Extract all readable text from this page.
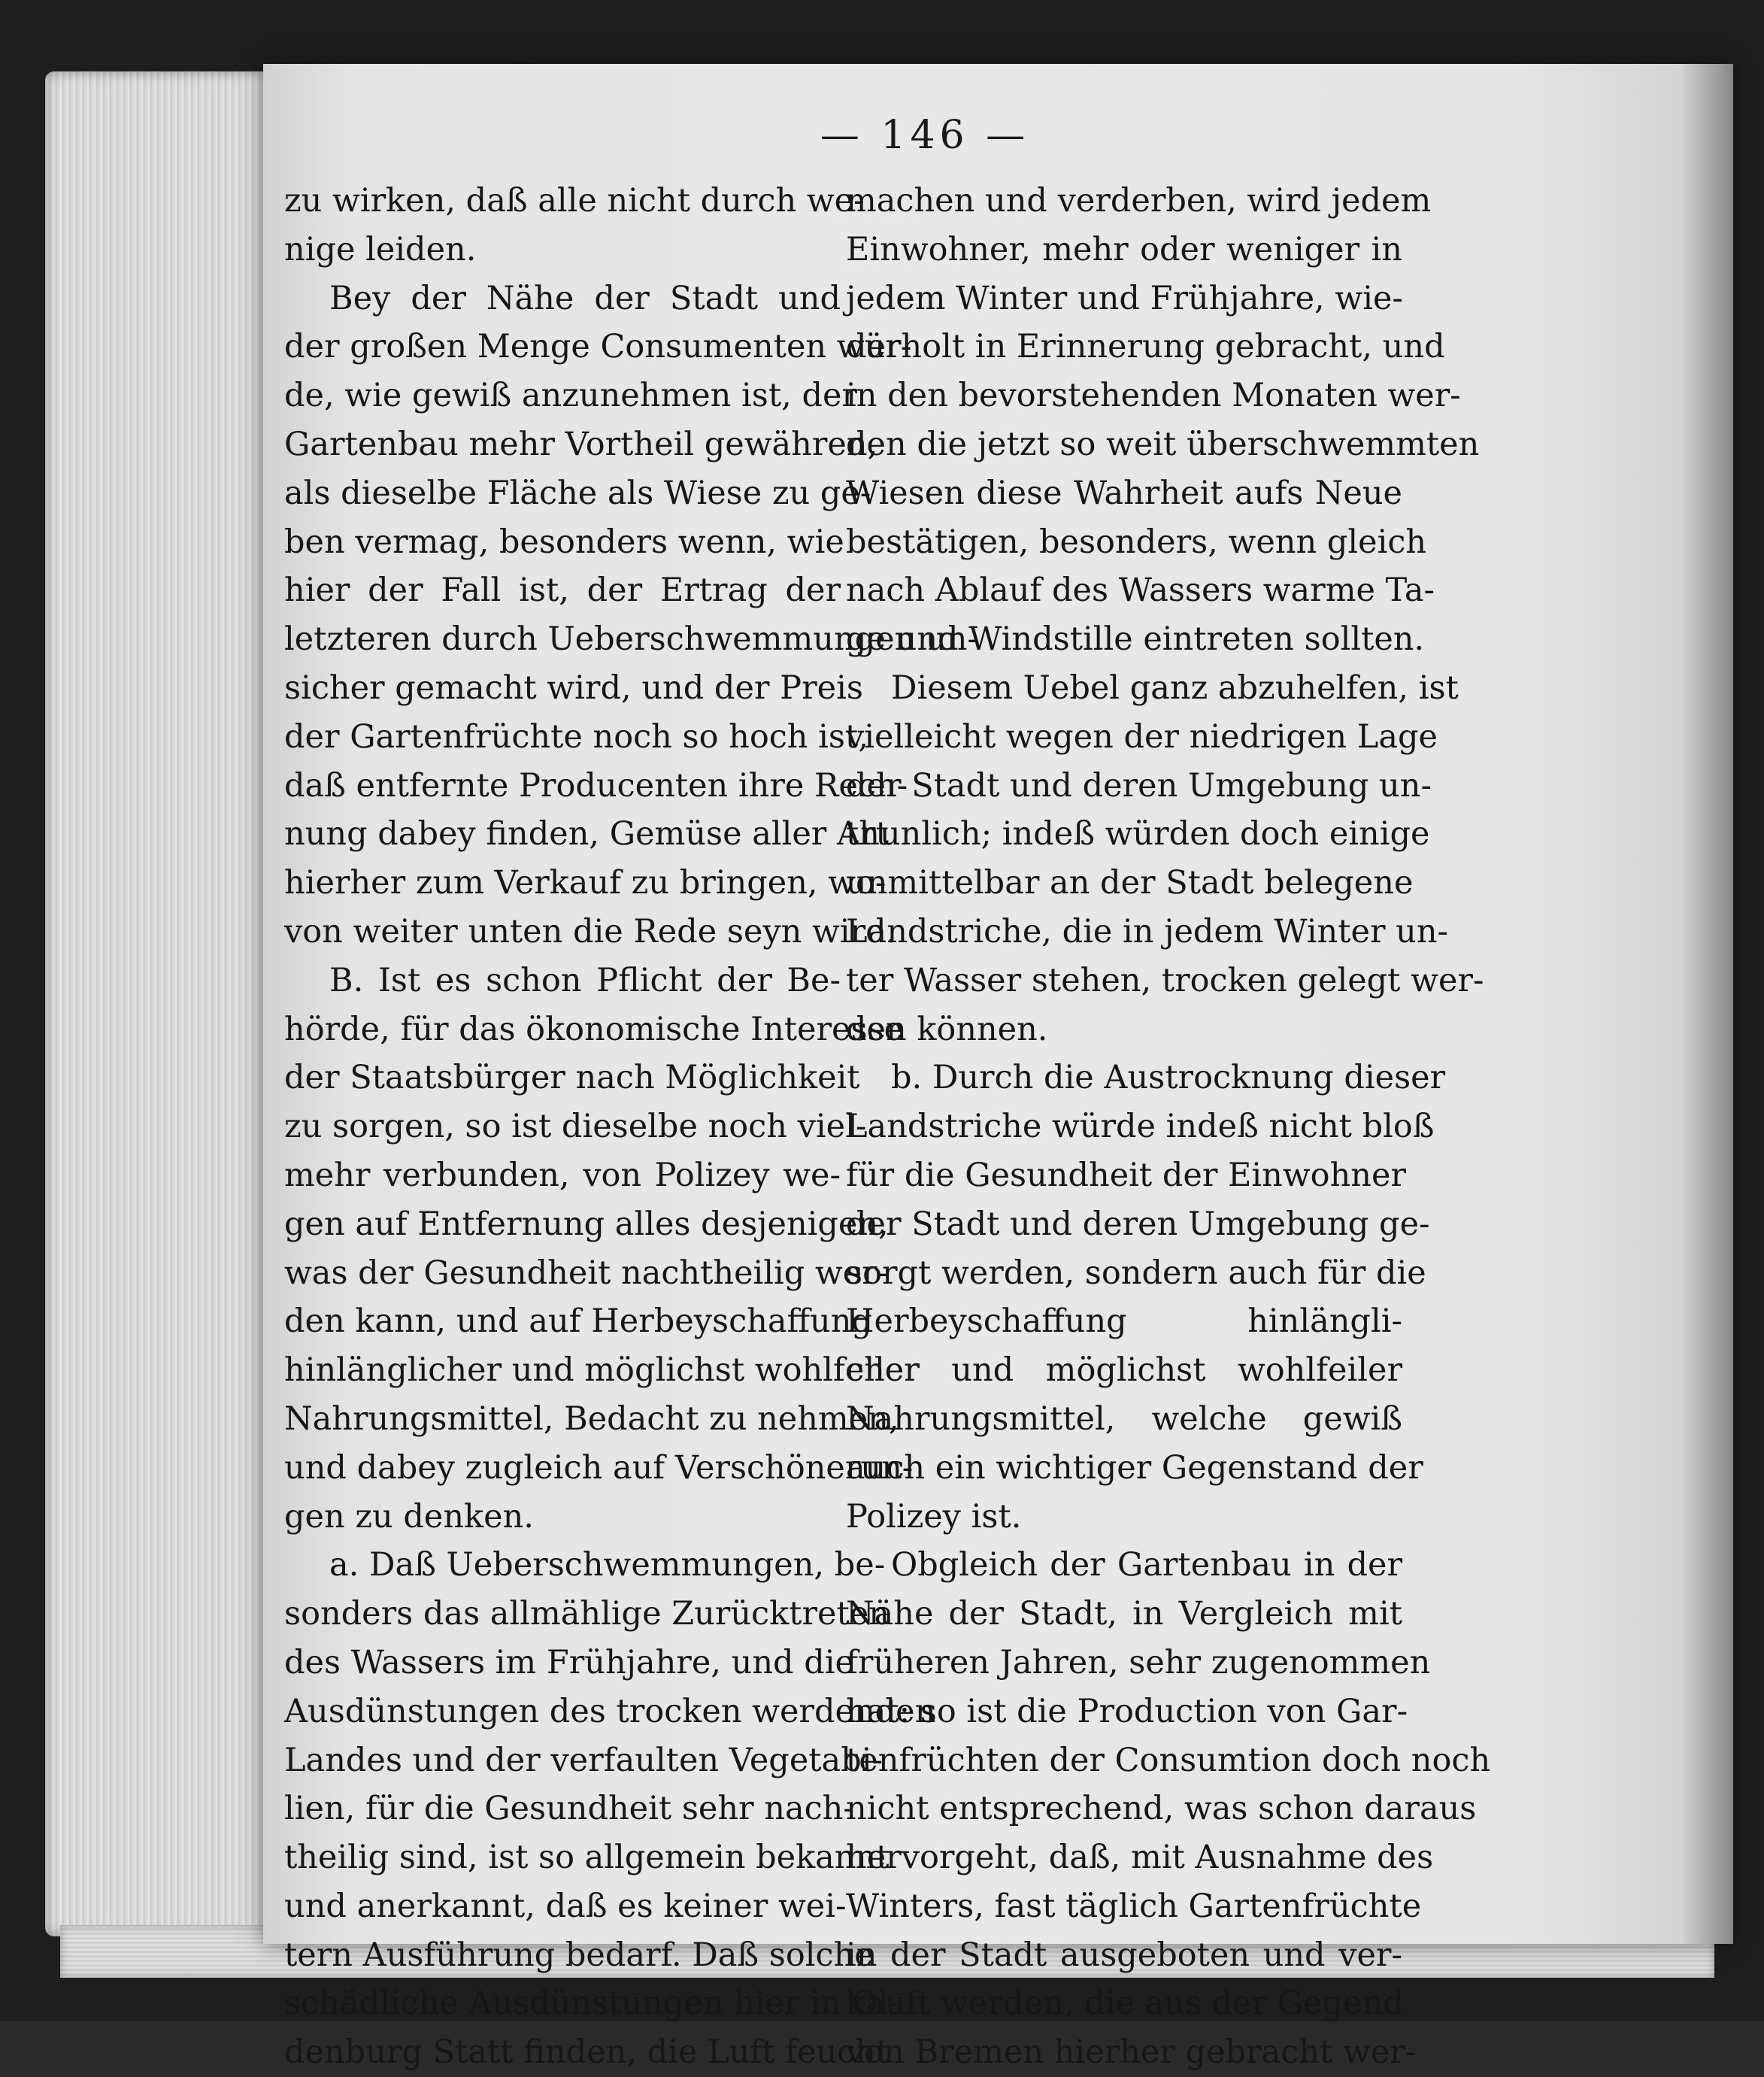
— 146 —
zu wirken, daß alle nicht durch we-
nige leiden.
Bey der Nähe der Stadt und
der großen Menge Consumenten wür-
de, wie gewiß anzunehmen ist, der
Gartenbau mehr Vortheil gewähren,
als dieselbe Fläche als Wiese zu ge-
ben vermag, besonders wenn, wie
hier der Fall ist, der Ertrag der
letzteren durch Ueberschwemmungen un-
sicher gemacht wird, und der Preis
der Gartenfrüchte noch so hoch ist,
daß entfernte Producenten ihre Rech-
nung dabey finden, Gemüse aller Art
hierher zum Verkauf zu bringen, wo-
von weiter unten die Rede seyn wird.
B. Ist es schon Pflicht der Be-
hörde, für das ökonomische Interesse
der Staatsbürger nach Möglichkeit
zu sorgen, so ist dieselbe noch viel-
mehr verbunden, von Polizey we-
gen auf Entfernung alles desjenigen,
was der Gesundheit nachtheilig wer-
den kann, und auf Herbeyschaffung
hinlänglicher und möglichst wohlfeiler
Nahrungsmittel, Bedacht zu nehmen,
und dabey zugleich auf Verschönerun-
gen zu denken.
a. Daß Ueberschwemmungen, be-
sonders das allmählige Zurücktreten
des Wassers im Frühjahre, und die
Ausdünstungen des trocken werdenden
Landes und der verfaulten Vegetabi-
lien, für die Gesundheit sehr nach-
theilig sind, ist so allgemein bekannt
und anerkannt, daß es keiner wei-
tern Ausführung bedarf. Daß solche
schädliche Ausdünstungen hier in Ol-
denburg Statt finden, die Luft feucht
machen und verderben, wird jedem
Einwohner, mehr oder weniger in
jedem Winter und Frühjahre, wie-
derholt in Erinnerung gebracht, und
in den bevorstehenden Monaten wer-
den die jetzt so weit überschwemmten
Wiesen diese Wahrheit aufs Neue
bestätigen, besonders, wenn gleich
nach Ablauf des Wassers warme Ta-
ge und Windstille eintreten sollten.
Diesem Uebel ganz abzuhelfen, ist
vielleicht wegen der niedrigen Lage
der Stadt und deren Umgebung un-
thunlich; indeß würden doch einige
unmittelbar an der Stadt belegene
Landstriche, die in jedem Winter un-
ter Wasser stehen, trocken gelegt wer-
den können.
b. Durch die Austrocknung dieser
Landstriche würde indeß nicht bloß
für die Gesundheit der Einwohner
der Stadt und deren Umgebung ge-
sorgt werden, sondern auch für die
Herbeyschaffung hinlängli-
cher und möglichst wohlfeiler
Nahrungsmittel, welche gewiß
auch ein wichtiger Gegenstand der
Polizey ist.
Obgleich der Gartenbau in der
Nähe der Stadt, in Vergleich mit
früheren Jahren, sehr zugenommen
hat: so ist die Production von Gar-
tenfrüchten der Consumtion doch noch
nicht entsprechend, was schon daraus
hervorgeht, daß, mit Ausnahme des
Winters, fast täglich Gartenfrüchte
in der Stadt ausgeboten und ver-
kauft werden, die aus der Gegend
von Bremen hierher gebracht wer-
